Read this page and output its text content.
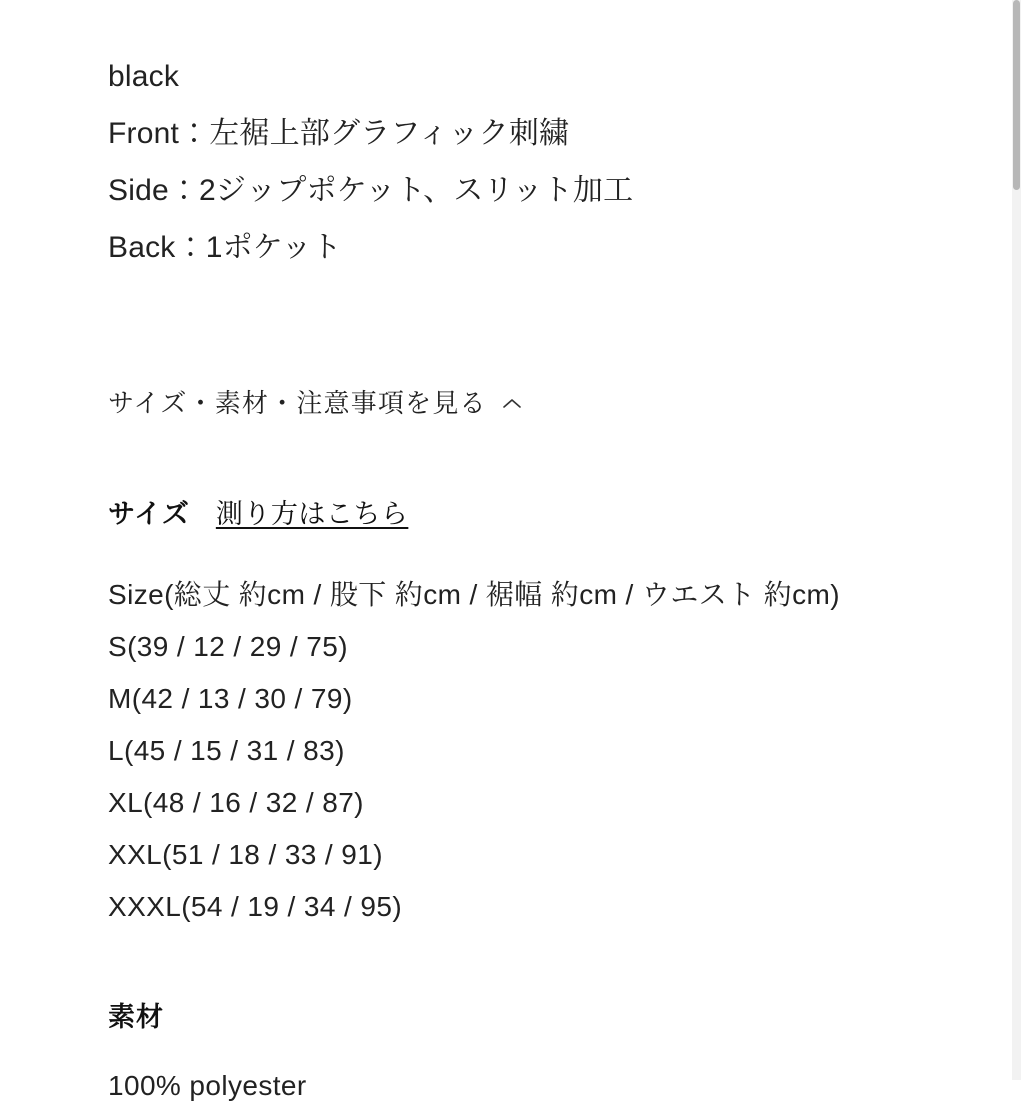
black
Front：左裾上部グラフィック刺繍
Side：2ジップポケット、スリット加工
Back：1ポケット
サイズ・素材・注意事項を見る
サイズ 測り方はこちら
Size(総丈 約cm / 股下 約cm / 裾幅 約cm / ウエスト 約cm)
S(39 / 12 / 29 / 75)
M(42 / 13 / 30 / 79)
L(45 / 15 / 31 / 83)
XL(48 / 16 / 32 / 87)
XXL(51 / 18 / 33 / 91)
XXXL(54 / 19 / 34 / 95)
素材
100% polyester
